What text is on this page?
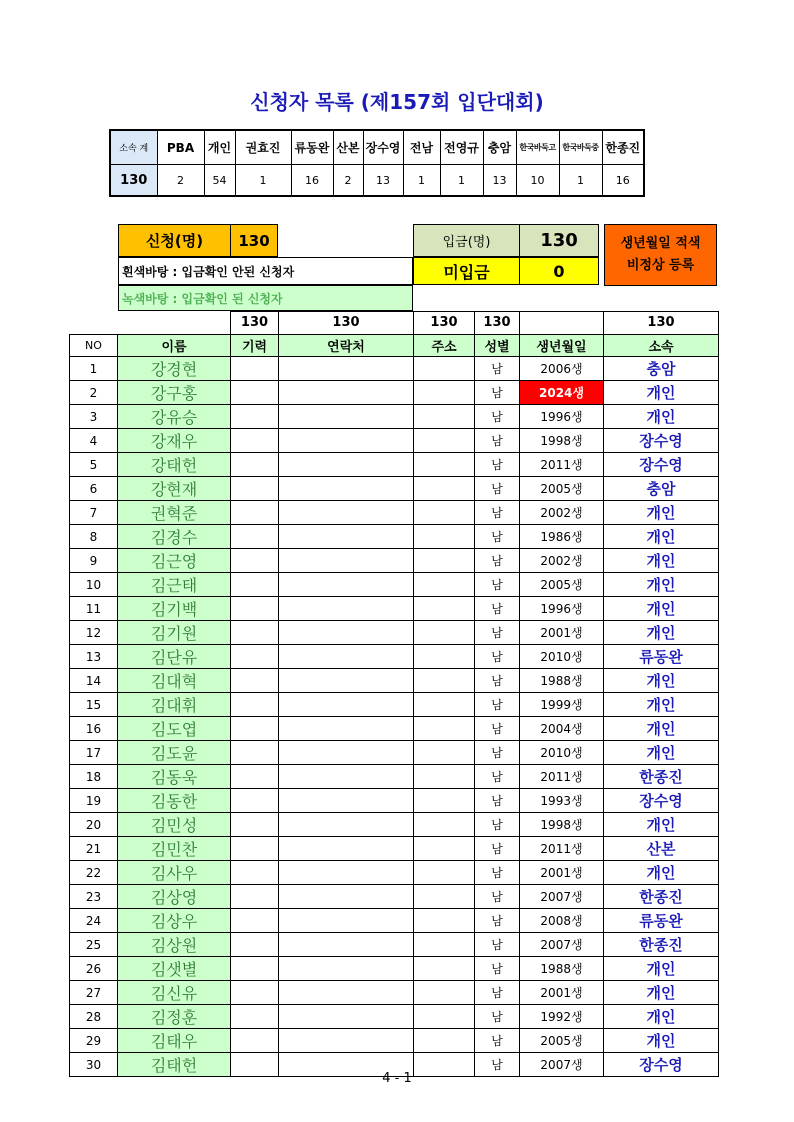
신청자 목록 (제157회 입단대회)
소속 계	PBA	개인	권효진	류동완	산본	장수영	전남	전영규	충암	한국바둑고	한국바둑중	한종진
130	2	54	1	16	2	13	1	1	13	10	1	16
신청(명)	130	입금(명)	130	생년월일 적색
비정상 등록
흰색바탕 : 입금확인 안된 신청자	미입금	0
녹색바탕 : 입금확인 된 신청자
		130	130	130	130		130
NO	이름	기력	연락처	주소	성별	생년월일	소속
1	강경현				남	2006생	충암
2	강구홍				남	2024생	개인
3	강유승				남	1996생	개인
4	강재우				남	1998생	장수영
5	강태헌				남	2011생	장수영
6	강현재				남	2005생	충암
7	권혁준				남	2002생	개인
8	김경수				남	1986생	개인
9	김근영				남	2002생	개인
10	김근태				남	2005생	개인
11	김기백				남	1996생	개인
12	김기원				남	2001생	개인
13	김단유				남	2010생	류동완
14	김대혁				남	1988생	개인
15	김대휘				남	1999생	개인
16	김도엽				남	2004생	개인
17	김도윤				남	2010생	개인
18	김동욱				남	2011생	한종진
19	김동한				남	1993생	장수영
20	김민성				남	1998생	개인
21	김민찬				남	2011생	산본
22	김사우				남	2001생	개인
23	김상영				남	2007생	한종진
24	김상우				남	2008생	류동완
25	김상원				남	2007생	한종진
26	김샛별				남	1988생	개인
27	김신유				남	2001생	개인
28	김정훈				남	1992생	개인
29	김태우				남	2005생	개인
30	김태헌				남	2007생	장수영
4 - 1
